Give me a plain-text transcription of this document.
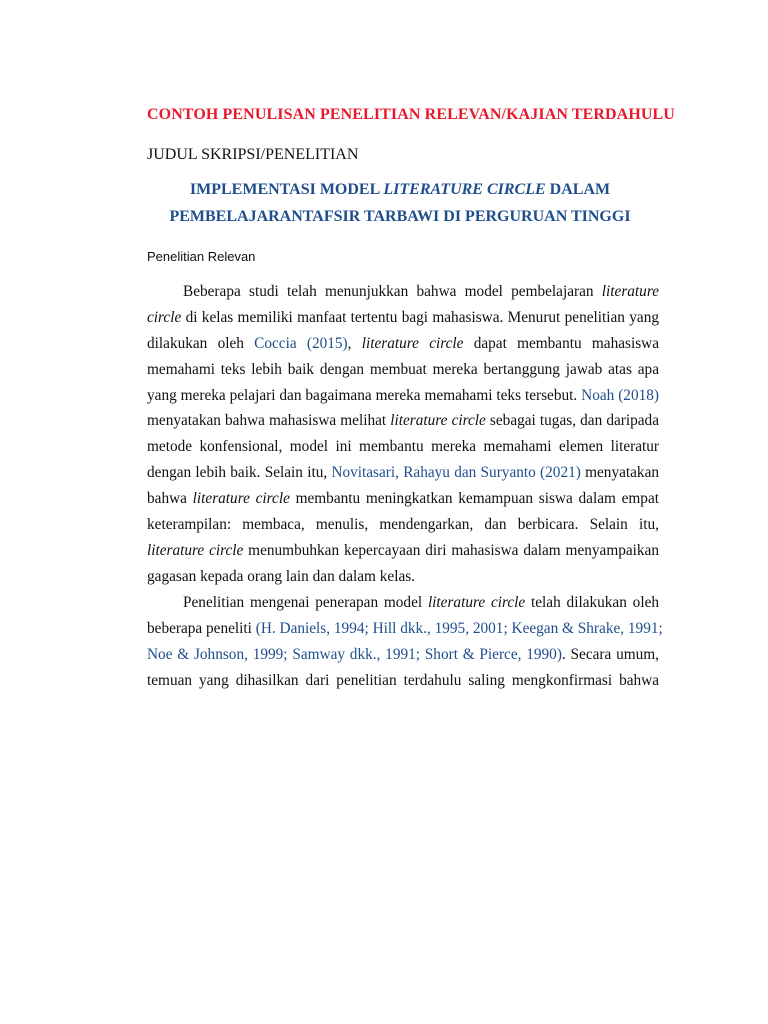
CONTOH PENULISAN PENELITIAN RELEVAN/KAJIAN TERDAHULU
JUDUL SKRIPSI/PENELITIAN
IMPLEMENTASI MODEL LITERATURE CIRCLE DALAM
PEMBELAJARANTAFSIR TARBAWI DI PERGURUAN TINGGI
Penelitian Relevan
Beberapa studi telah menunjukkan bahwa model pembelajaran literature
circle di kelas memiliki manfaat tertentu bagi mahasiswa. Menurut penelitian yang
dilakukan oleh Coccia (2015), literature circle dapat membantu mahasiswa
memahami teks lebih baik dengan membuat mereka bertanggung jawab atas apa
yang mereka pelajari dan bagaimana mereka memahami teks tersebut. Noah (2018)
menyatakan bahwa mahasiswa melihat literature circle sebagai tugas, dan daripada
metode konfensional, model ini membantu mereka memahami elemen literatur
dengan lebih baik. Selain itu, Novitasari, Rahayu dan Suryanto (2021) menyatakan
bahwa literature circle membantu meningkatkan kemampuan siswa dalam empat
keterampilan: membaca, menulis, mendengarkan, dan berbicara. Selain itu,
literature circle menumbuhkan kepercayaan diri mahasiswa dalam menyampaikan
gagasan kepada orang lain dan dalam kelas.
Penelitian mengenai penerapan model literature circle telah dilakukan oleh
beberapa peneliti (H. Daniels, 1994; Hill dkk., 1995, 2001; Keegan & Shrake, 1991;
Noe & Johnson, 1999; Samway dkk., 1991; Short & Pierce, 1990). Secara umum,
temuan yang dihasilkan dari penelitian terdahulu saling mengkonfirmasi bahwa
